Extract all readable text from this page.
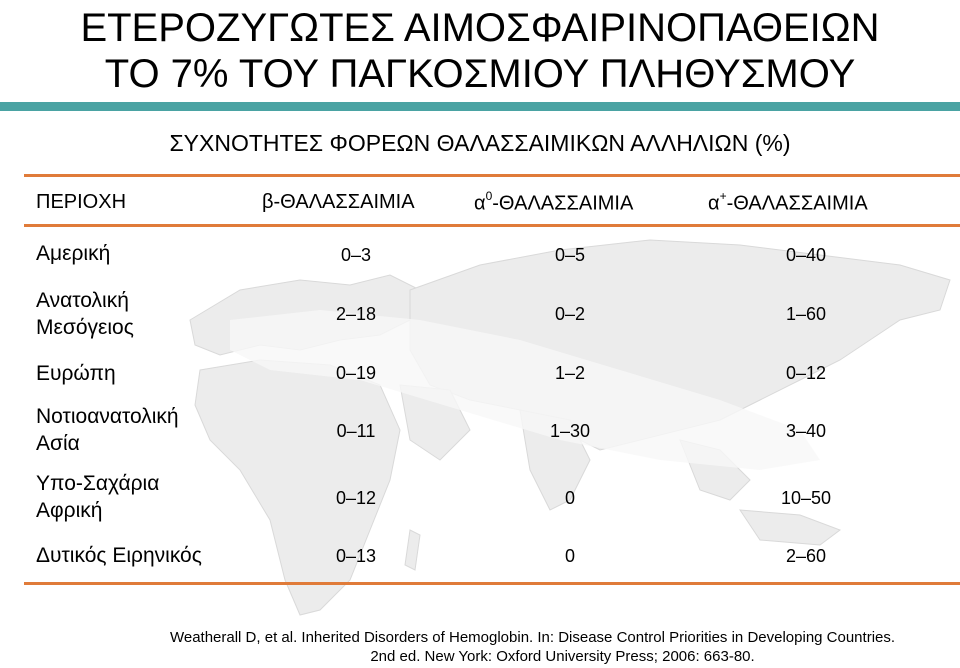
ΕΤΕΡΟΖΥΓΩΤΕΣ ΑΙΜΟΣΦΑΙΡΙΝΟΠΑΘΕΙΩΝ
ΤΟ 7% ΤΟΥ ΠΑΓΚΟΣΜΙΟΥ ΠΛΗΘΥΣΜΟΥ
ΣΥΧΝΟΤΗΤΕΣ ΦΟΡΕΩΝ ΘΑΛΑΣΣΑΙΜΙΚΩΝ ΑΛΛΗΛΙΩΝ (%)
ΠΕΡΙΟΧΗ	β-ΘΑΛΑΣΣΑΙΜΙΑ	$\alpha^0$-ΘΑΛΑΣΣΑΙΜΙΑ	α+-ΘΑΛΑΣΣΑΙΜΙΑ
Αμερική	0–3	0–5	0–40
Ανατολική
Μεσόγειος
2–18	0–2	1–60
Ευρώπη	0–19	1–2	0–12
Νοτιοανατολική
Ασία
0–11	1–30	3–40
Υπο-Σαχάρια
Αφρική
0–12	0	10–50
Δυτικός Ειρηνικός	0–13	0	2–60
Weatherall D, et al. Inherited Disorders of Hemoglobin. In: Disease Control Priorities in Developing Countries.
2nd ed. New York: Oxford University Press; 2006: 663-80.
